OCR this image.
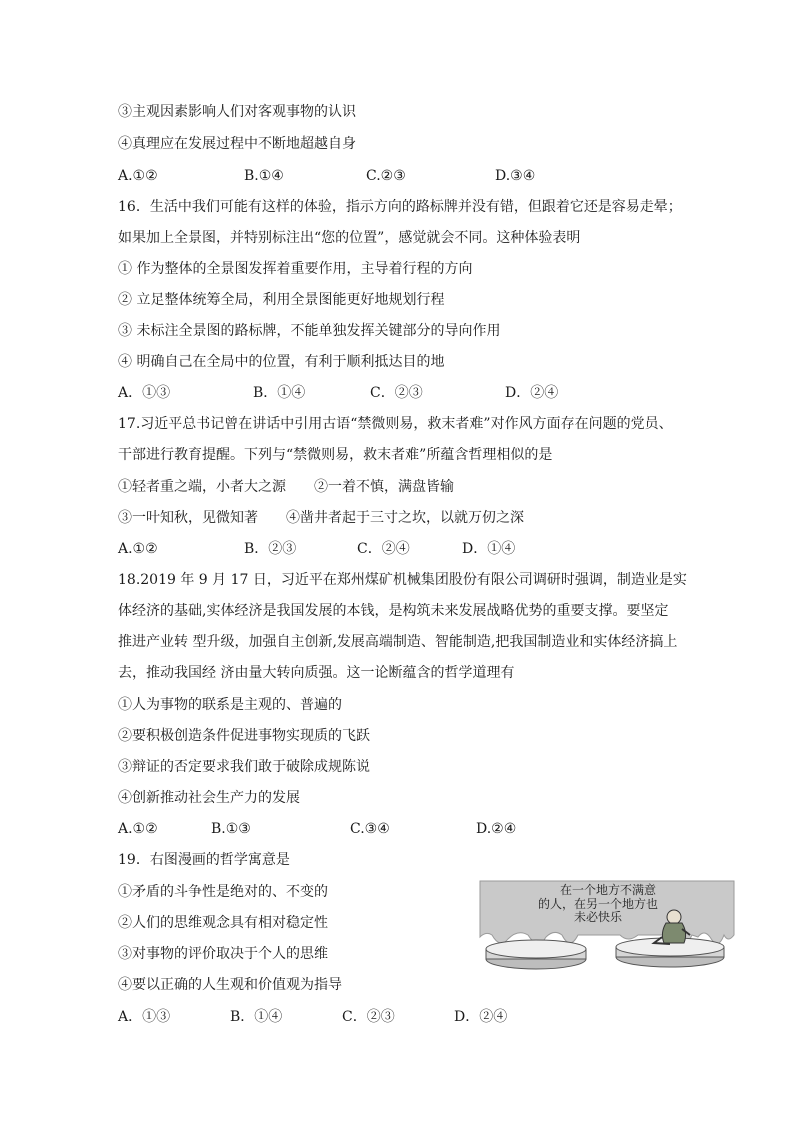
③主观因素影响人们对客观事物的认识
④真理应在发展过程中不断地超越自身
A.①②	B.①④	C.②③	D.③④
16．生活中我们可能有这样的体验，指示方向的路标牌并没有错，但跟着它还是容易走晕；
如果加上全景图，并特别标注出“您的位置”，感觉就会不同。这种体验表明
① 作为整体的全景图发挥着重要作用，主导着行程的方向
② 立足整体统筹全局，利用全景图能更好地规划行程
③ 未标注全景图的路标牌，不能单独发挥关键部分的导向作用
④ 明确自己在全局中的位置，有利于顺利抵达目的地
A．①③	B．①④	C．②③	D．②④
17.习近平总书记曾在讲话中引用古语“禁微则易，救末者难”对作风方面存在问题的党员、
干部进行教育提醒。下列与“禁微则易，救末者难”所蕴含哲理相似的是
①轻者重之端，小者大之源　　②一着不慎，满盘皆输
③一叶知秋，见微知著　　④凿井者起于三寸之坎，以就万仞之深
A.①②	B．②③	C．②④	D．①④
18.2019 年 9 月 17 日，习近平在郑州煤矿机械集团股份有限公司调研时强调，制造业是实
体经济的基础,实体经济是我国发展的本钱，是构筑未来发展战略优势的重要支撑。要坚定
推进产业转 型升级，加强自主创新,发展高端制造、智能制造,把我国制造业和实体经济搞上
去，推动我国经 济由量大转向质强。这一论断蕴含的哲学道理有
①人为事物的联系是主观的、普遍的
②要积极创造条件促进事物实现质的飞跃
③辩证的否定要求我们敢于破除成规陈说
④创新推动社会生产力的发展
A.①②	B.①③	C.③④	D.②④
19．右图漫画的哲学寓意是
①矛盾的斗争性是绝对的、不变的
②人们的思维观念具有相对稳定性
③对事物的评价取决于个人的思维
④要以正确的人生观和价值观为指导
A．①③	B．①④	C．②③	D．②④
在一个地方不满意
的人，在另一个地方也
未必快乐
